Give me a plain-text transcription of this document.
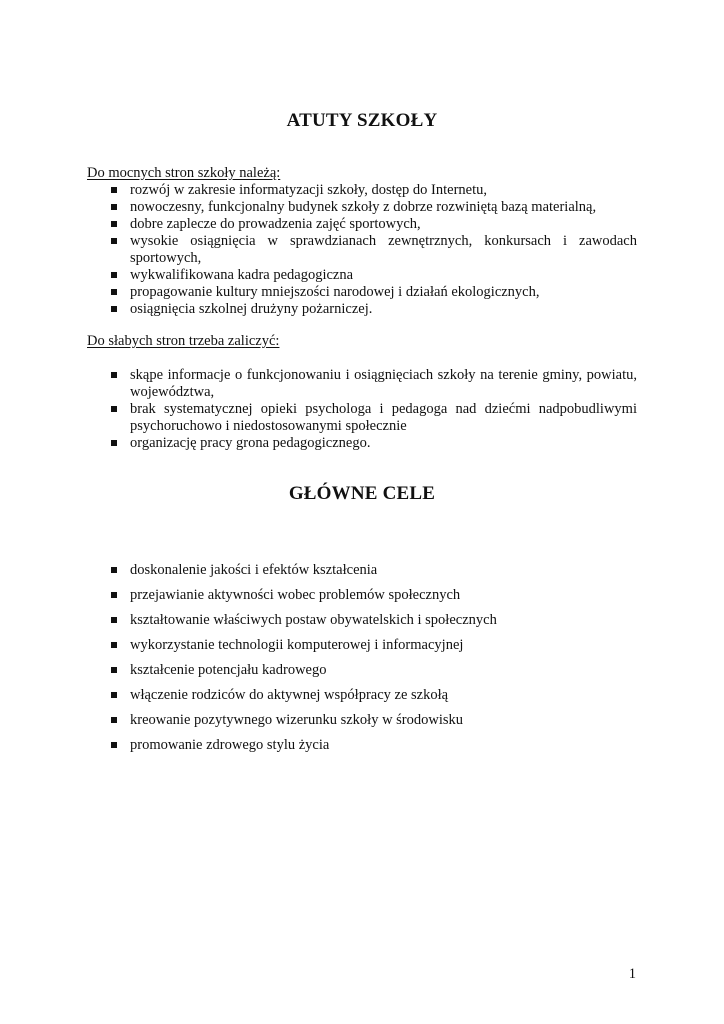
ATUTY SZKOŁY
Do mocnych stron szkoły należą:
rozwój w zakresie informatyzacji szkoły, dostęp do Internetu,
nowoczesny, funkcjonalny budynek szkoły z dobrze rozwiniętą bazą materialną,
dobre zaplecze do prowadzenia zajęć sportowych,
wysokie osiągnięcia w sprawdzianach zewnętrznych, konkursach i zawodach sportowych,
wykwalifikowana kadra pedagogiczna
propagowanie kultury mniejszości narodowej i działań ekologicznych,
osiągnięcia szkolnej drużyny pożarniczej.
Do słabych stron trzeba zaliczyć:
skąpe informacje o funkcjonowaniu i osiągnięciach szkoły na terenie gminy, powiatu, województwa,
brak systematycznej opieki psychologa i pedagoga nad dziećmi nadpobudliwymi psychoruchowo i niedostosowanymi społecznie
organizację pracy grona pedagogicznego.
GŁÓWNE CELE
doskonalenie jakości i efektów kształcenia
przejawianie aktywności wobec problemów społecznych
kształtowanie właściwych postaw obywatelskich i społecznych
wykorzystanie technologii komputerowej i informacyjnej
kształcenie potencjału kadrowego
włączenie rodziców do aktywnej współpracy ze szkołą
kreowanie pozytywnego wizerunku szkoły w środowisku
promowanie zdrowego stylu życia
1
